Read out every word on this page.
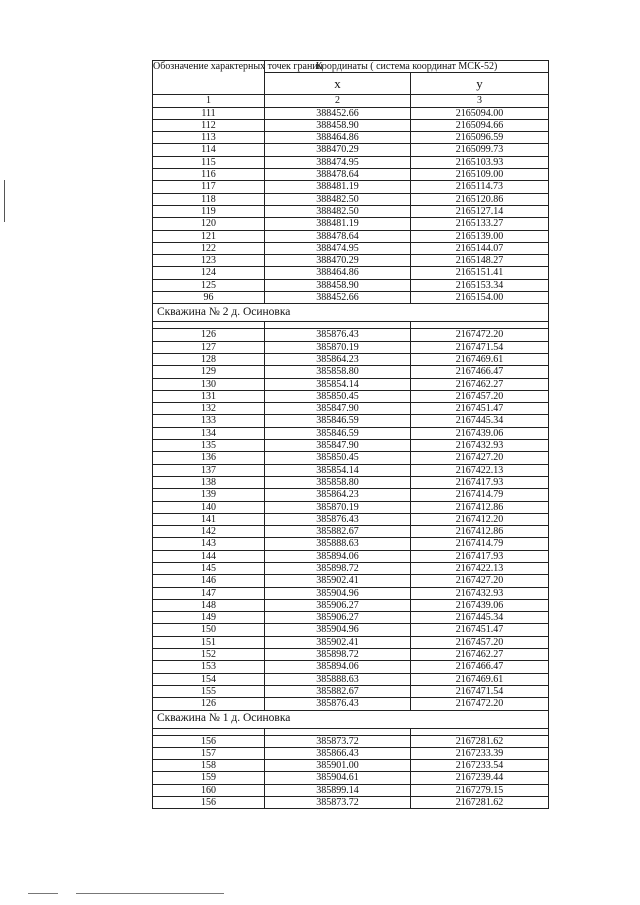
Обозначение характерных точек границ	Координаты ( система координат МСК-52)	
	х	у
1	2	3
111	388452.66	2165094.00
112	388458.90	2165094.66
113	388464.86	2165096.59
114	388470.29	2165099.73
115	388474.95	2165103.93
116	388478.64	2165109.00
117	388481.19	2165114.73
118	388482.50	2165120.86
119	388482.50	2165127.14
120	388481.19	2165133.27
121	388478.64	2165139.00
122	388474.95	2165144.07
123	388470.29	2165148.27
124	388464.86	2165151.41
125	388458.90	2165153.34
96	388452.66	2165154.00
Скважина № 2 д. Осиновка		

126	385876.43	2167472.20
127	385870.19	2167471.54
128	385864.23	2167469.61
129	385858.80	2167466.47
130	385854.14	2167462.27
131	385850.45	2167457.20
132	385847.90	2167451.47
133	385846.59	2167445.34
134	385846.59	2167439.06
135	385847.90	2167432.93
136	385850.45	2167427.20
137	385854.14	2167422.13
138	385858.80	2167417.93
139	385864.23	2167414.79
140	385870.19	2167412.86
141	385876.43	2167412.20
142	385882.67	2167412.86
143	385888.63	2167414.79
144	385894.06	2167417.93
145	385898.72	2167422.13
146	385902.41	2167427.20
147	385904.96	2167432.93
148	385906.27	2167439.06
149	385906.27	2167445.34
150	385904.96	2167451.47
151	385902.41	2167457.20
152	385898.72	2167462.27
153	385894.06	2167466.47
154	385888.63	2167469.61
155	385882.67	2167471.54
126	385876.43	2167472.20
Скважина № 1 д. Осиновка		

156	385873.72	2167281.62
157	385866.43	2167233.39
158	385901.00	2167233.54
159	385904.61	2167239.44
160	385899.14	2167279.15
156	385873.72	2167281.62
